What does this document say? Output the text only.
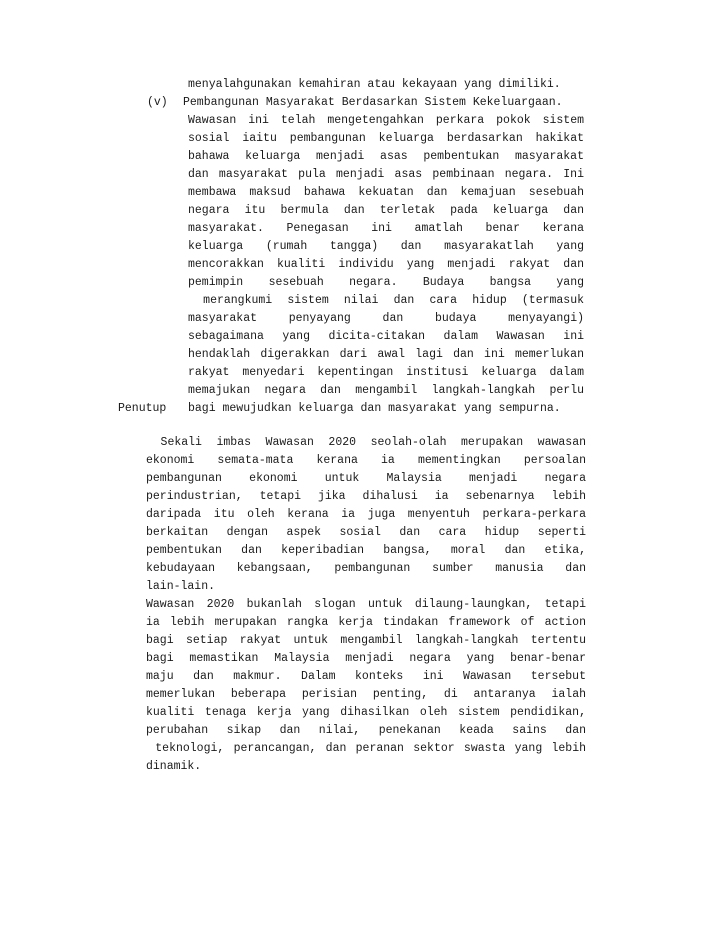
menyalahgunakan kemahiran atau kekayaan yang dimiliki.

(v) Pembangunan Masyarakat Berdasarkan Sistem Kekeluargaan.

Wawasan ini telah mengetengahkan perkara pokok sistem

sosial iaitu pembangunan keluarga berdasarkan hakikat

bahawa keluarga menjadi asas pembentukan masyarakat

dan masyarakat pula menjadi asas pembinaan negara. Ini

membawa maksud bahawa kekuatan dan kemajuan sesebuah

negara itu bermula dan terletak pada keluarga dan

masyarakat. Penegasan ini amatlah benar kerana

keluarga (rumah tangga) dan masyarakatlah yang

mencorakkan kualiti individu yang menjadi rakyat dan

pemimpin sesebuah negara. Budaya bangsa yang

merangkumi sistem nilai dan cara hidup (termasuk

masyarakat penyayang dan budaya menyayangi)

sebagaimana yang dicita-citakan dalam Wawasan ini

hendaklah digerakkan dari awal lagi dan ini memerlukan

rakyat menyedari kepentingan institusi keluarga dalam

memajukan negara dan mengambil langkah-langkah perlu

bagi mewujudkan keluarga dan masyarakat yang sempurna.

Penutup

Sekali imbas Wawasan 2020 seolah-olah merupakan wawasan

ekonomi semata-mata kerana ia mementingkan persoalan

pembangunan ekonomi untuk Malaysia menjadi negara

perindustrian, tetapi jika dihalusi ia sebenarnya lebih

daripada itu oleh kerana ia juga menyentuh perkara-perkara

berkaitan dengan aspek sosial dan cara hidup seperti

pembentukan dan keperibadian bangsa, moral dan etika,

kebudayaan kebangsaan, pembangunan sumber manusia dan

lain-lain.

Wawasan 2020 bukanlah slogan untuk dilaung-laungkan, tetapi

ia lebih merupakan rangka kerja tindakan framework of action

bagi setiap rakyat untuk mengambil langkah-langkah tertentu

bagi memastikan Malaysia menjadi negara yang benar-benar

maju dan makmur. Dalam konteks ini Wawasan tersebut

memerlukan beberapa perisian penting, di antaranya ialah

kualiti tenaga kerja yang dihasilkan oleh sistem pendidikan,

perubahan sikap dan nilai, penekanan keada sains dan

teknologi, perancangan, dan peranan sektor swasta yang lebih

dinamik.
